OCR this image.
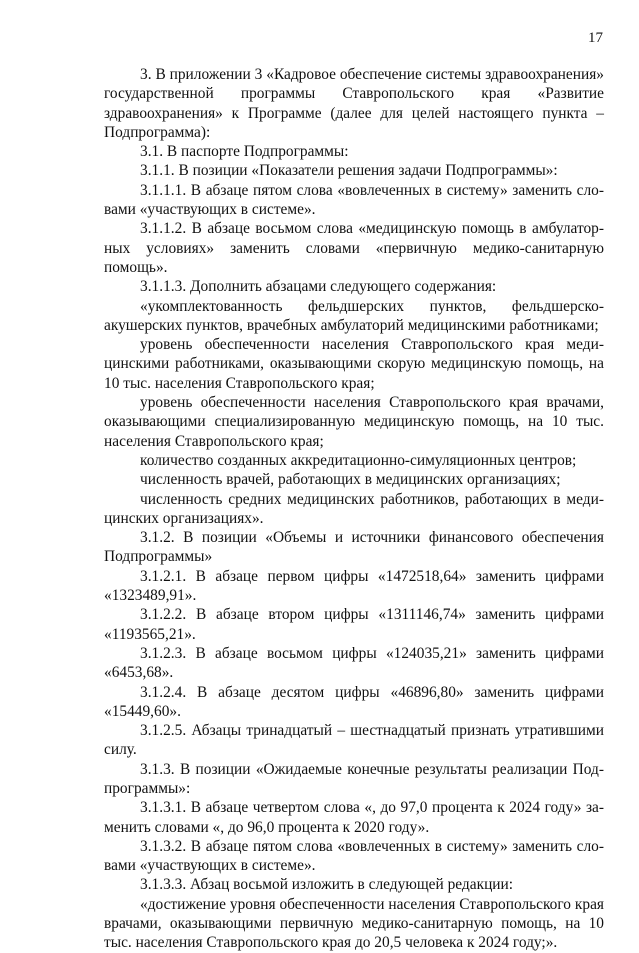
17

3. В приложении 3 «Кадровое обеспечение системы здравоохранения» государственной программы Ставропольского края «Развитие здравоохранения» к Программе (далее для целей настоящего пункта – Подпрограмма):

3.1. В паспорте Подпрограммы:

3.1.1. В позиции «Показатели решения задачи Подпрограммы»:

3.1.1.1. В абзаце пятом слова «вовлеченных в систему» заменить словами «участвующих в системе».

3.1.1.2. В абзаце восьмом слова «медицинскую помощь в амбулаторных условиях» заменить словами «первичную медико-санитарную помощь».

3.1.1.3. Дополнить абзацами следующего содержания:

«укомплектованность фельдшерских пунктов, фельдшерско-акушерских пунктов, врачебных амбулаторий медицинскими работниками;

уровень обеспеченности населения Ставропольского края медицинскими работниками, оказывающими скорую медицинскую помощь, на 10 тыс. населения Ставропольского края;

уровень обеспеченности населения Ставропольского края врачами, оказывающими специализированную медицинскую помощь, на 10 тыс. населения Ставропольского края;

количество созданных аккредитационно-симуляционных центров;

численность врачей, работающих в медицинских организациях;

численность средних медицинских работников, работающих в медицинских организациях».

3.1.2. В позиции «Объемы и источники финансового обеспечения Подпрограммы»

3.1.2.1. В абзаце первом цифры «1472518,64» заменить цифрами «1323489,91».

3.1.2.2. В абзаце втором цифры «1311146,74» заменить цифрами «1193565,21».

3.1.2.3. В абзаце восьмом цифры «124035,21» заменить цифрами «6453,68».

3.1.2.4. В абзаце десятом цифры «46896,80» заменить цифрами «15449,60».

3.1.2.5. Абзацы тринадцатый – шестнадцатый признать утратившими силу.

3.1.3. В позиции «Ожидаемые конечные результаты реализации Подпрограммы»:

3.1.3.1. В абзаце четвертом слова «, до 97,0 процента к 2024 году» заменить словами «, до 96,0 процента к 2020 году».

3.1.3.2. В абзаце пятом слова «вовлеченных в систему» заменить словами «участвующих в системе».

3.1.3.3. Абзац восьмой изложить в следующей редакции:

«достижение уровня обеспеченности населения Ставропольского края врачами, оказывающими первичную медико-санитарную помощь, на 10 тыс. населения Ставропольского края до 20,5 человека к 2024 году;».
